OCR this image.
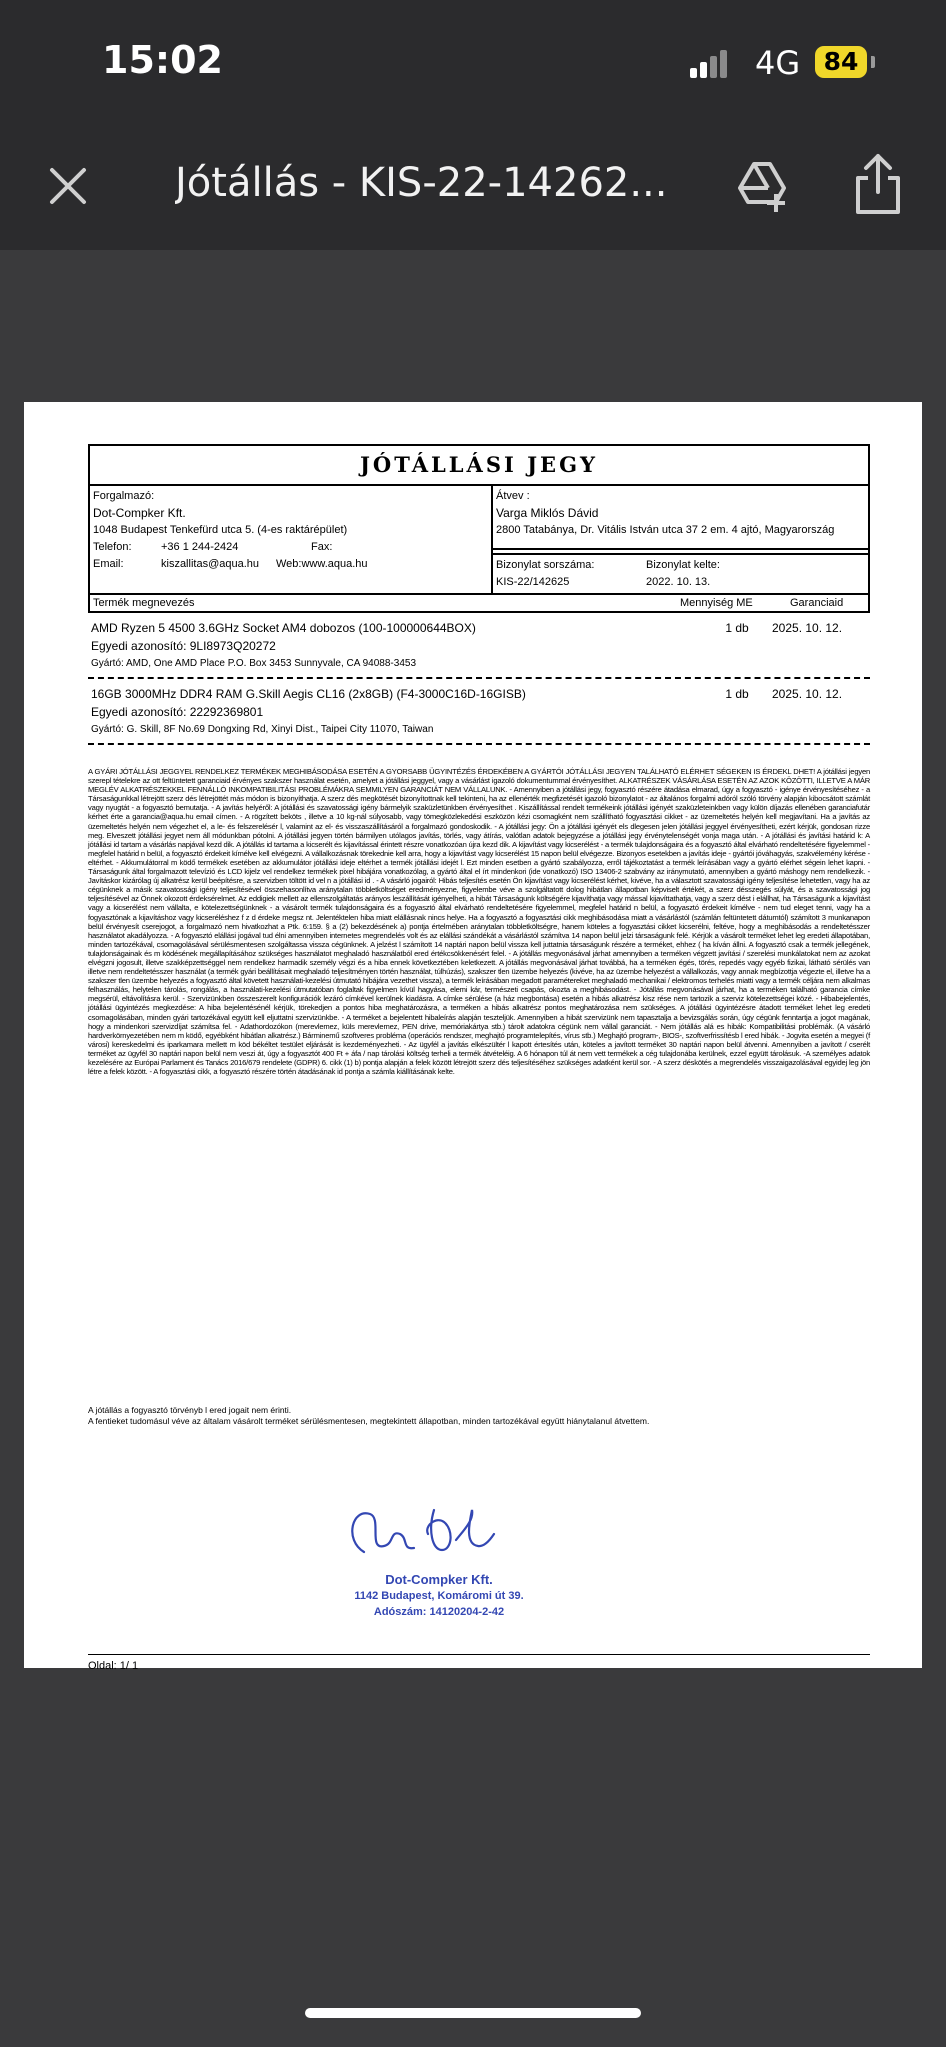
15:02	4G 84
Jótállás - KIS-22-14262...
JÓTÁLLÁSI JEGY
Forgalmazó:
Dot-Compker Kft.
1048 Budapest Tenkefürd utca 5. (4-es raktárépület)
Telefon:	+36 1 244-2424	Fax:
Email:	kiszallitas@aqua.hu	Web:www.aqua.hu
Átvev :
Varga Miklós Dávid
2800 Tatabánya, Dr. Vitális István utca 37 2 em. 4 ajtó, Magyarország
Bizonylat sorszáma:
KIS-22/142625
Bizonylat kelte:
2022. 10. 13.
Termék megnevezés	Mennyiség ME	Garanciaid
AMD Ryzen 5 4500 3.6GHz Socket AM4 dobozos (100-100000644BOX)	1 db	2025. 10. 12.
Egyedi azonosító: 9LI8973Q20272
Gyártó: AMD, One AMD Place P.O. Box 3453 Sunnyvale, CA 94088-3453
16GB 3000MHz DDR4 RAM G.Skill Aegis CL16 (2x8GB) (F4-3000C16D-16GISB)	1 db	2025. 10. 12.
Egyedi azonosító: 22292369801
Gyártó: G. Skill, 8F No.69 Dongxing Rd, Xinyi Dist., Taipei City 11070, Taiwan
A GYÁRI JÓTÁLLÁSI JEGGYEL RENDELKEZ TERMÉKEK MEGHIBÁSODÁSA ESETÉN A GYORSABB ÜGYINTÉZÉS ÉRDEKÉBEN A GYÁRTÓI JÓTÁLLÁSI JEGYEN TALÁLHATÓ ELÉRHET SÉGEKEN IS ÉRDEKL DHET! A jótállási jegyen szerepl tételekre az ott feltüntetett garanciaid érvényes szakszer használat esetén, amelyet a jótállási jeggyel, vagy a vásárlást igazoló dokumentummal érvényesíthet. ALKATRÉSZEK VÁSÁRLÁSA ESETÉN AZ AZOK KÖZÖTTI, ILLETVE A MÁR MEGLÉV ALKATRÉSZEKKEL FENNÁLLÓ INKOMPATIBILITÁSI PROBLÉMÁKRA SEMMILYEN GARANCIÁT NEM VÁLLALUNK. - Amennyiben a jótállási jegy, fogyasztó részére átadása elmarad, úgy a fogyasztó - igénye érvényesítéséhez - a Társaságunkkal létrejött szerz dés létrejöttét más módon is bizonyíthatja. A szerz dés megkötését bizonyítottnak kell tekinteni, ha az ellenérték megfizetését igazoló bizonylatot - az általános forgalmi adóról szóló törvény alapján kibocsátott számlát vagy nyugtát - a fogyasztó bemutatja. - A javítás helyéről: A jótállási és szavatossági igény bármelyik szaküzletünkben érvényesíthet . Kiszállítással rendelt termékeink jótállási igényét szaküzleteinkben vagy külön díjazás ellenében garanciafutár kérhet érte a garancia@aqua.hu email címen. - A rögzített beköts , illetve a 10 kg-nál súlyosabb, vagy tömegközlekedési eszközön kézi csomagként nem szállítható fogyasztási cikket - az üzemeltetés helyén kell megjavítani. Ha a javítás az üzemeltetés helyén nem végezhet el, a le- és felszerelésér l, valamint az el- és visszaszállításáról a forgalmazó gondoskodik. - A jótállási jegy: Ön a jótállási igényét els dlegesen jelen jótállási jeggyel érvényesítheti, ezért kérjük, gondosan rizze meg. Elveszett jótállási jegyet nem áll módunkban pótolni. A jótállási jegyen történ bármilyen utólagos javítás, törlés, vagy átírás, valótlan adatok bejegyzése a jótállási jegy érvénytelenségét vonja maga után. - A jótállási és javítási határid k: A jótállási id tartam a vásárlás napjával kezd dik. A jótállás id tartama a kicserélt és kijavítással érintett részre vonatkozóan újra kezd dik. A kijavítást vagy kicserélést - a termék tulajdonságaira és a fogyasztó által elvárható rendeltetésére figyelemmel - megfelel határid n belül, a fogyasztó érdekeit kímélve kell elvégezni. A vállalkozásnak törekednie kell arra, hogy a kijavítást vagy kicserélést 15 napon belül elvégezze. Bizonyos esetekben a javítás ideje - gyártói jóváhagyás, szakvélemény kérése - eltérhet. - Akkumulátorral m ködő termékek esetében az akkumulátor jótállási ideje eltérhet a termék jótállási idejét l. Ezt minden esetben a gyártó szabályozza, erről tájékoztatást a termék leírásában vagy a gyártó elérhet ségein lehet kapni. - Társaságunk által forgalmazott televízió és LCD kijelz vel rendelkez termékek pixel hibájára vonatkozólag, a gyártó által el írt mindenkori (ide vonatkozó) ISO 13406-2 szabvány az iránymutató, amennyiben a gyártó máshogy nem rendelkezik. - Javításkor kizárólag új alkatrész kerül beépítésre, a szervizben töltött id vel n a jótállási id . - A vásárló jogairól: Hibás teljesítés esetén Ön kijavítást vagy kicserélést kérhet, kivéve, ha a választott szavatossági igény teljesítése lehetetlen, vagy ha az cégünknek a másik szavatossági igény teljesítésével összehasonlítva aránytalan többletköltséget eredményezne, figyelembe véve a szolgáltatott dolog hibátlan állapotban képviselt értékét, a szerz désszegés súlyát, és a szavatossági jog teljesítésével az Önnek okozott érdeksérelmet. Az eddigiek mellett az ellenszolgáltatás arányos leszállítását igényelheti, a hibát Társaságunk költségére kijavíthatja vagy mással kijavíttathatja, vagy a szerz dést i elállhat, ha Társaságunk a kijavítást vagy a kicserélést nem vállalta, e kötelezettségünknek - a vásárolt termék tulajdonságaira és a fogyasztó által elvárható rendeltetésére figyelemmel, megfelel határid n belül, a fogyasztó érdekeit kímélve - nem tud eleget tenni, vagy ha a fogyasztónak a kijavításhoz vagy kicseréléshez f z d érdeke megsz nt. Jelentéktelen hiba miatt elállásnak nincs helye. Ha a fogyasztó a fogyasztási cikk meghibásodása miatt a vásárlástól (számlán feltüntetett dátumtól) számított 3 munkanapon belül érvényesít cserejogot, a forgalmazó nem hivatkozhat a Ptk. 6:159. § a (2) bekezdésének a) pontja értelmében aránytalan többletköltségre, hanem köteles a fogyasztási cikket kicserélni, feltéve, hogy a meghibásodás a rendeltetésszer használatot akadályozza. - A fogyasztó elállási jogával tud élni amennyiben internetes megrendelés volt és az elállási szándékát a vásárlástól számítva 14 napon belül jelzi társaságunk felé. Kérjük a vásárolt terméket lehet leg eredeti állapotában, minden tartozékával, csomagolásával sérülésmentesen szolgáltassa vissza cégünknek. A jelzést l számított 14 naptári napon belül vissza kell juttatnia társaságunk részére a terméket, ehhez ( ha kíván állni. A fogyasztó csak a termék jellegének, tulajdonságainak és m ködésének megállapításához szükséges használatot meghaladó használatból ered értékcsökkenésért felel. - A jótállás megvonásával járhat amennyiben a terméken végzett javítási / szerelési munkálatokat nem az azokat elvégzni jogosult, illetve szakképzettséggel nem rendelkez harmadik személy végzi és a hiba ennek következtében keletkezett. A jótállás megvonásával járhat továbbá, ha a terméken égés, törés, repedés vagy egyéb fizikai, látható sérülés van illetve nem rendeltetésszer használat (a termék gyári beállításait meghaladó teljesítményen történ használat, túlhúzás), szakszer tlen üzembe helyezés (kivéve, ha az üzembe helyezést a vállalkozás, vagy annak megbízottja végezte el, illetve ha a szakszer tlen üzembe helyezés a fogyasztó által követett használati-kezelési útmutató hibájára vezethet vissza), a termék leírásában megadott paramétereket meghaladó mechanikai / elektromos terhelés miatti vagy a termék céljára nem alkalmas felhasználás, helytelen tárolás, rongálás, a használati-kezelési útmutatóban foglaltak figyelmen kívül hagyása, elemi kár, természeti csapás, okozta a meghibásodást. - Jótállás megvonásával járhat, ha a terméken található garancia címke megsérül, eltávolításra kerül. - Szervizünkben összeszerelt konfigurációk lezáró címkével kerülnek kiadásra. A címke sérülése (a ház megbontása) esetén a hibás alkatrész kisz rése nem tartozik a szerviz kötelezettségei közé. - Hibabejelentés, jótállási ügyintézés megkezdése: A hiba bejelentésénél kérjük, törekedjen a pontos hiba meghatározásra, a terméken a hibás alkatrész pontos meghatározása nem szükséges. A jótállási ügyintézésre átadott terméket lehet leg eredeti csomagolásában, minden gyári tartozékával együtt kell eljuttatni szervizünkbe. - A terméket a bejelentett hibaleírás alapján teszteljük. Amennyiben a hibát szervizünk nem tapasztalja a bevizsgálás során, úgy cégünk fenntartja a jogot magának, hogy a mindenkori szervizdíjat számítsa fel. - Adathordozókon (merevlemez, küls merevlemez, PEN drive, memóriakártya stb.) tárolt adatokra cégünk nem vállal garanciát. - Nem jótállás alá es hibák: Kompatibilitási problémák. (A vásárló hardverkörnyezetében nem m ködő, egyébként hibátlan alkatrész.) Bárminemű szoftveres probléma (operációs rendszer, meghajtó programtelepítés, vírus stb.) Meghajtó program-, BIOS-, szoftverfrissítésb l ered hibák. - Jogvita esetén a megyei (f városi) kereskedelmi és iparkamara mellett m köd békéltet testület eljárását is kezdeményezheti. - Az ügyfél a javítás elkészültér l kapott értesítés után, köteles a javított terméket 30 naptári napon belül átvenni. Amennyiben a javított / cserélt terméket az ügyfél 30 naptári napon belül nem veszi át, úgy a fogyasztót 400 Ft + áfa / nap tárolási költség terheli a termék átvételéig. A 6 hónapon túl át nem vett termékek a cég tulajdonába kerülnek, ezzel együtt tárolásuk. -A személyes adatok kezelésére az Európai Parlament és Tanács 2016/679 rendelete (GDPR) 6. cikk (1) b) pontja alapján a felek között létrejött szerz dés teljesítéséhez szükséges adatként kerül sor. - A szerz déskötés a megrendelés visszaigazolásával egyidej leg jön létre a felek között. - A fogyasztási cikk, a fogyasztó részére történ átadásának id pontja a számla kiállításának kelte.
A jótállás a fogyasztó törvényb l ered jogait nem érinti.
A fentieket tudomásul véve az általam vásárolt terméket sérülésmentesen, megtekintett állapotban, minden tartozékával együtt hiánytalanul átvettem.
Dot-Compker Kft.
1142 Budapest, Komáromi út 39.
Adószám: 14120204-2-42
Oldal: 1/ 1
